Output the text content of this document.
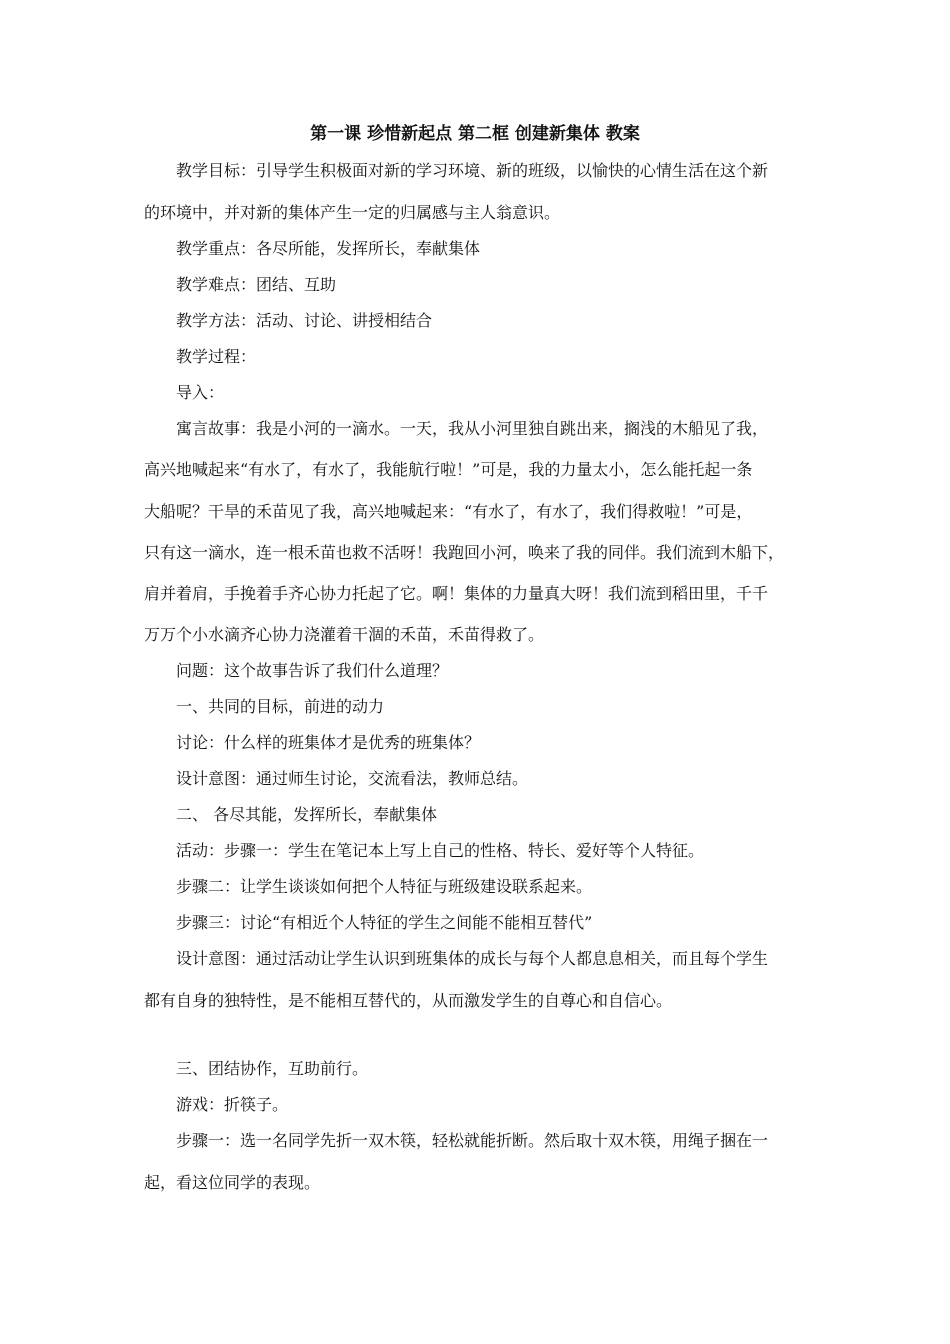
第一课 珍惜新起点 第二框 创建新集体 教案
教学目标：引导学生积极面对新的学习环境、新的班级，以愉快的心情生活在这个新
的环境中，并对新的集体产生一定的归属感与主人翁意识。
教学重点：各尽所能，发挥所长，奉献集体
教学难点：团结、互助
教学方法：活动、讨论、讲授相结合
教学过程：
导入：
寓言故事：我是小河的一滴水。一天，我从小河里独自跳出来，搁浅的木船见了我，
高兴地喊起来“有水了，有水了，我能航行啦！”可是，我的力量太小，怎么能托起一条
大船呢？干旱的禾苗见了我，高兴地喊起来：“有水了，有水了，我们得救啦！”可是，
只有这一滴水，连一根禾苗也救不活呀！我跑回小河，唤来了我的同伴。我们流到木船下，
肩并着肩，手挽着手齐心协力托起了它。啊！集体的力量真大呀！我们流到稻田里，千千
万万个小水滴齐心协力浇灌着干涸的禾苗，禾苗得救了。
问题：这个故事告诉了我们什么道理？
一、共同的目标，前进的动力
讨论：什么样的班集体才是优秀的班集体？
设计意图：通过师生讨论，交流看法，教师总结。
二、 各尽其能，发挥所长，奉献集体
活动：步骤一：学生在笔记本上写上自己的性格、特长、爱好等个人特征。
步骤二：让学生谈谈如何把个人特征与班级建设联系起来。
步骤三：讨论“有相近个人特征的学生之间能不能相互替代”
设计意图：通过活动让学生认识到班集体的成长与每个人都息息相关，而且每个学生
都有自身的独特性，是不能相互替代的，从而激发学生的自尊心和自信心。
三、团结协作，互助前行。
游戏：折筷子。
步骤一：选一名同学先折一双木筷，轻松就能折断。然后取十双木筷，用绳子捆在一
起，看这位同学的表现。
